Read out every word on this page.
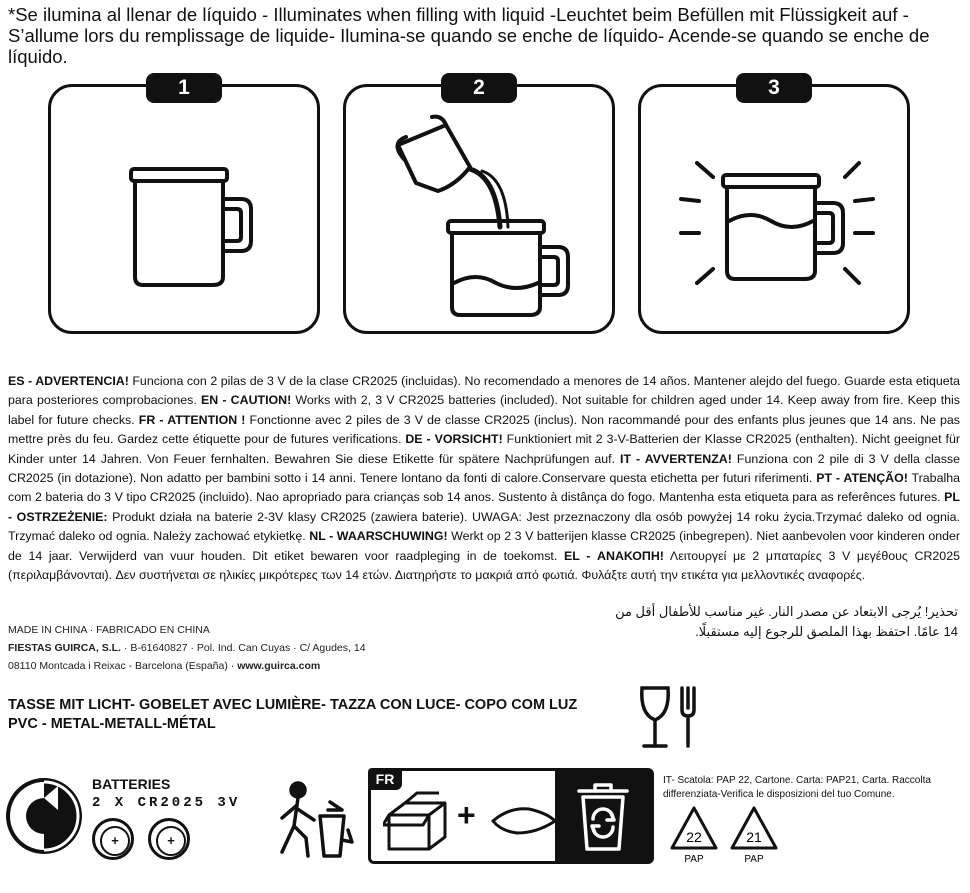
*Se ilumina al llenar de líquido - Illuminates when filling with liquid -Leuchtet beim Befüllen mit Flüssigkeit auf -S’allume lors du remplissage de liquide- Ilumina-se quando se enche de líquido- Acende-se quando se enche de líquido.
1	2	3
ES - ADVERTENCIA! Funciona con 2 pilas de 3 V de la clase CR2025 (incluidas). No recomendado a menores de 14 años. Mantener alejdo del fuego. Guarde esta etiqueta para posteriores comprobaciones. EN - CAUTION! Works with 2, 3 V CR2025 batteries (included). Not suitable for children aged under 14. Keep away from fire. Keep this label for future checks. FR - ATTENTION ! Fonctionne avec 2 piles de 3 V de classe CR2025 (inclus). Non racommandé pour des enfants plus jeunes que 14 ans. Ne pas mettre près du feu. Gardez cette étiquette pour de futures verifications. DE - VORSICHT! Funktioniert mit 2 3-V-Batterien der Klasse CR2025 (enthalten). Nicht geeignet für Kinder unter 14 Jahren. Von Feuer fernhalten. Bewahren Sie diese Etikette für spätere Nachprüfungen auf. IT - AVVERTENZA! Funziona con 2 pile di 3 V della classe CR2025 (in dotazione). Non adatto per bambini sotto i 14 anni. Tenere lontano da fonti di calore.Conservare questa etichetta per futuri riferimenti. PT - ATENÇÃO! Trabalha com 2 bateria do 3 V tipo CR2025 (incluido). Nao apropriado para crianças sob 14 anos. Sustento à distânça do fogo. Mantenha esta etiqueta para as referênces futures. PL - OSTRZEŻENIE: Produkt działa na baterie 2-3V klasy CR2025 (zawiera baterie). UWAGA: Jest przeznaczony dla osób powyżej 14 roku życia.Trzymać daleko od ognia. Trzymać daleko od ognia. Należy zachować etykietkę. NL - WAARSCHUWING! Werkt op 2 3 V batterijen klasse CR2025 (inbegrepen). Niet aanbevolen voor kinderen onder de 14 jaar. Verwijderd van vuur houden. Dit etiket bewaren voor raadpleging in de toekomst. EL - ΑΝΑΚΟΠΗ! Λειτουργεί με 2 μπαταρίες 3 V μεγέθους CR2025 (περιλαμβάνονται). Δεν συστήνεται σε ηλικίες μικρότερες των 14 ετών. Διατηρήστε το μακριά από φωτιά. Φυλάξτε αυτή την ετικέτα για μελλοντικές αναφορές.
تحذير! يُرجى الابتعاد عن مصدر النار. غير مناسب للأطفال أقل من 14 عامًا. احتفظ بهذا الملصق للرجوع إليه مستقبلًا.
MADE IN CHINA · FABRICADO EN CHINA
FIESTAS GUIRCA, S.L. · B-61640827 · Pol. Ind. Can Cuyas · C/ Agudes, 14
08110 Montcada i Reixac - Barcelona (España) · www.guirca.com
TASSE MIT LICHT- GOBELET AVEC LUMIÈRE- TAZZA CON LUCE- COPO COM LUZ
PVC - METAL-METALL-MÉTAL
BATTERIES
2 X CR2025 3V
+	+
FR
+
IT- Scatola: PAP 22, Cartone. Carta: PAP21, Carta. Raccolta differenziata-Verifica le disposizioni del tuo Comune.
22
PAP
21
PAP
